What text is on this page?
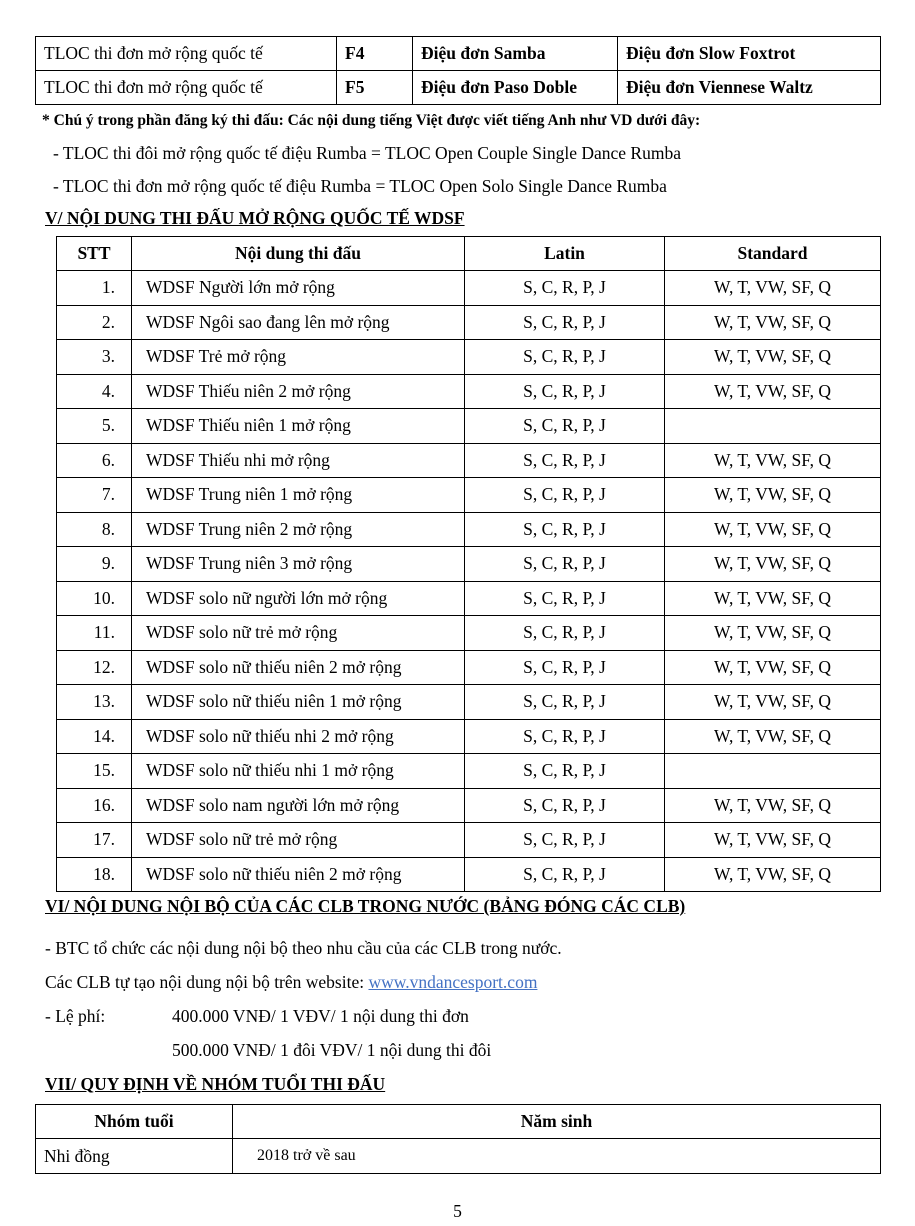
TLOC thi đơn mở rộng quốc tế	F4	Điệu đơn Samba	Điệu đơn Slow Foxtrot
TLOC thi đơn mở rộng quốc tế	F5	Điệu đơn Paso Doble	Điệu đơn Viennese Waltz
* Chú ý trong phần đăng ký thi đấu: Các nội dung tiếng Việt được viết tiếng Anh như VD dưới đây:
- TLOC thi đôi mở rộng quốc tế điệu Rumba = TLOC Open Couple Single Dance Rumba
- TLOC thi đơn mở rộng quốc tế điệu Rumba = TLOC Open Solo Single Dance Rumba
V/ NỘI DUNG THI ĐẤU MỞ RỘNG QUỐC TẾ WDSF
STT	Nội dung thi đấu	Latin	Standard
1.	WDSF Người lớn mở rộng	S, C, R, P, J	W, T, VW, SF, Q
2.	WDSF Ngôi sao đang lên mở rộng	S, C, R, P, J	W, T, VW, SF, Q
3.	WDSF Trẻ mở rộng	S, C, R, P, J	W, T, VW, SF, Q
4.	WDSF Thiếu niên 2 mở rộng	S, C, R, P, J	W, T, VW, SF, Q
5.	WDSF Thiếu niên 1 mở rộng	S, C, R, P, J	
6.	WDSF Thiếu nhi mở rộng	S, C, R, P, J	W, T, VW, SF, Q
7.	WDSF Trung niên 1 mở rộng	S, C, R, P, J	W, T, VW, SF, Q
8.	WDSF Trung niên 2 mở rộng	S, C, R, P, J	W, T, VW, SF, Q
9.	WDSF Trung niên 3 mở rộng	S, C, R, P, J	W, T, VW, SF, Q
10.	WDSF solo nữ người lớn mở rộng	S, C, R, P, J	W, T, VW, SF, Q
11.	WDSF solo nữ trẻ mở rộng	S, C, R, P, J	W, T, VW, SF, Q
12.	WDSF solo nữ thiếu niên 2 mở rộng	S, C, R, P, J	W, T, VW, SF, Q
13.	WDSF solo nữ thiếu niên 1 mở rộng	S, C, R, P, J	W, T, VW, SF, Q
14.	WDSF solo nữ thiếu nhi 2 mở rộng	S, C, R, P, J	W, T, VW, SF, Q
15.	WDSF solo nữ thiếu nhi 1 mở rộng	S, C, R, P, J	
16.	WDSF solo nam người lớn mở rộng	S, C, R, P, J	W, T, VW, SF, Q
17.	WDSF solo nữ trẻ mở rộng	S, C, R, P, J	W, T, VW, SF, Q
18.	WDSF solo nữ thiếu niên 2 mở rộng	S, C, R, P, J	W, T, VW, SF, Q
VI/ NỘI DUNG NỘI BỘ CỦA CÁC CLB TRONG NƯỚC (BẢNG ĐÓNG CÁC CLB)
- BTC tổ chức các nội dung nội bộ theo nhu cầu của các CLB trong nước.
Các CLB tự tạo nội dung nội bộ trên website: www.vndancesport.com
- Lệ phí:	400.000 VNĐ/ 1 VĐV/ 1 nội dung thi đơn
500.000 VNĐ/ 1 đôi VĐV/ 1 nội dung thi đôi
VII/ QUY ĐỊNH VỀ NHÓM TUỔI THI ĐẤU
Nhóm tuổi	Năm sinh
Nhi đồng	2018 trở về sau
5
